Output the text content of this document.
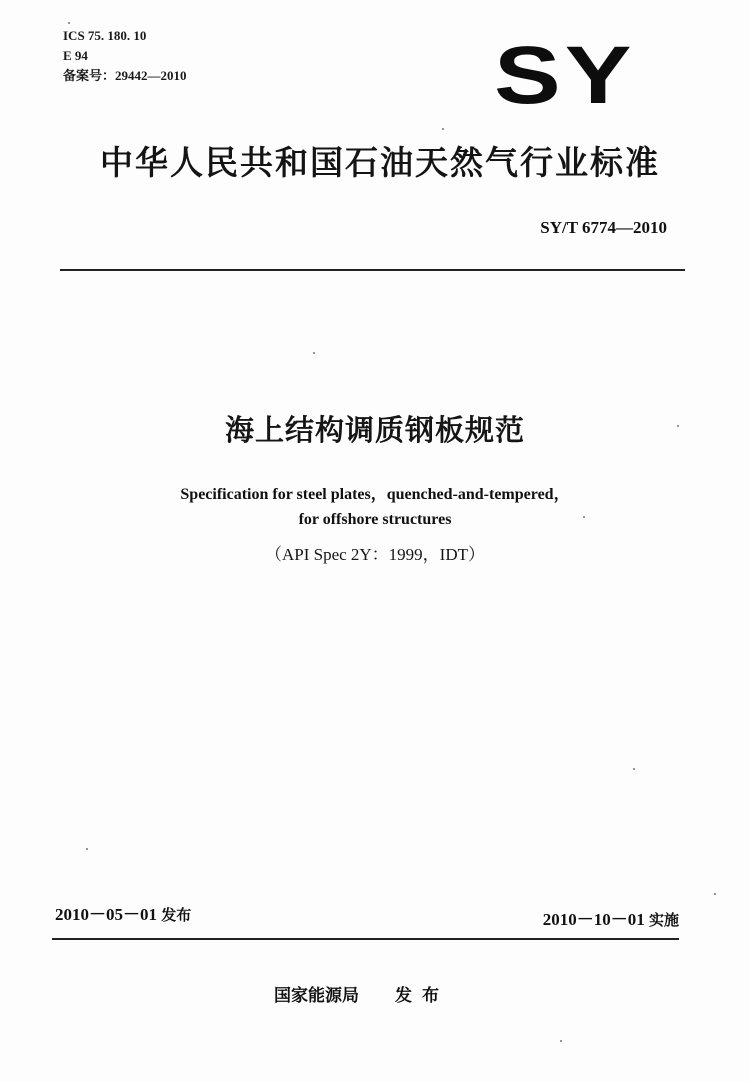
ICS 75. 180. 10
E 94
备案号：29442—2010	SY
中华人民共和国石油天然气行业标准
SY/T 6774—2010
海上结构调质钢板规范
Specification for steel plates，quenched-and-tempered，
for offshore structures
（API Spec 2Y：1999，IDT）
2010－05－01 发布	2010－10－01 实施
国家能源局 发布
